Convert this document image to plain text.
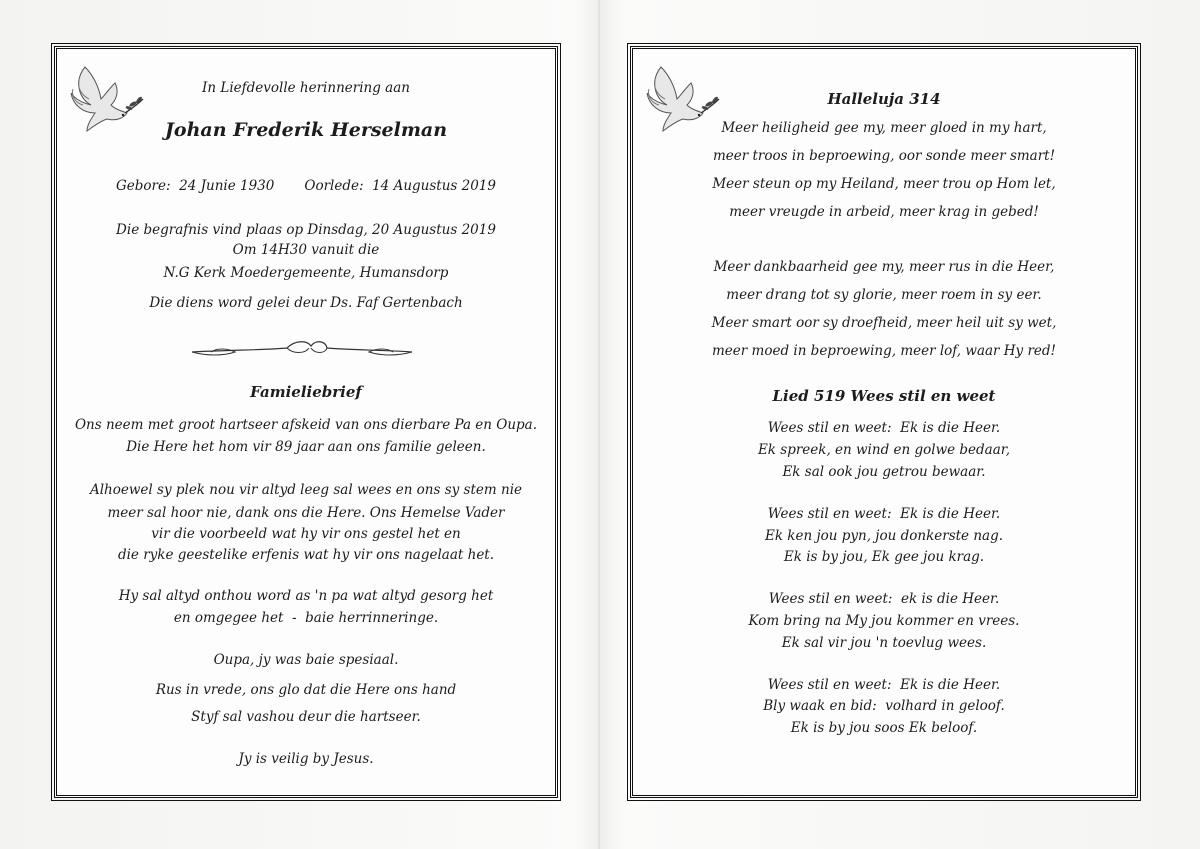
In Liefdevolle herinnering aan
Johan Frederik Herselman
Gebore:  24 Junie 1930       Oorlede:  14 Augustus 2019
Die begrafnis vind plaas op Dinsdag, 20 Augustus 2019
Om 14H30 vanuit die
N.G Kerk Moedergemeente, Humansdorp
Die diens word gelei deur Ds. Faf Gertenbach
Famieliebrief
Ons neem met groot hartseer afskeid van ons dierbare Pa en Oupa.
Die Here het hom vir 89 jaar aan ons familie geleen.
Alhoewel sy plek nou vir altyd leeg sal wees en ons sy stem nie
meer sal hoor nie, dank ons die Here. Ons Hemelse Vader
vir die voorbeeld wat hy vir ons gestel het en
die ryke geestelike erfenis wat hy vir ons nagelaat het.
Hy sal altyd onthou word as 'n pa wat altyd gesorg het
en omgegee het  -  baie herrinneringe.
Oupa, jy was baie spesiaal.
Rus in vrede, ons glo dat die Here ons hand
Styf sal vashou deur die hartseer.
Jy is veilig by Jesus.
Halleluja 314
Meer heiligheid gee my, meer gloed in my hart,
meer troos in beproewing, oor sonde meer smart!
Meer steun op my Heiland, meer trou op Hom let,
meer vreugde in arbeid, meer krag in gebed!
Meer dankbaarheid gee my, meer rus in die Heer,
meer drang tot sy glorie, meer roem in sy eer.
Meer smart oor sy droefheid, meer heil uit sy wet,
meer moed in beproewing, meer lof, waar Hy red!
Lied 519 Wees stil en weet
Wees stil en weet:  Ek is die Heer.
Ek spreek, en wind en golwe bedaar,
Ek sal ook jou getrou bewaar.
Wees stil en weet:  Ek is die Heer.
Ek ken jou pyn, jou donkerste nag.
Ek is by jou, Ek gee jou krag.
Wees stil en weet:  ek is die Heer.
Kom bring na My jou kommer en vrees.
Ek sal vir jou 'n toevlug wees.
Wees stil en weet:  Ek is die Heer.
Bly waak en bid:  volhard in geloof.
Ek is by jou soos Ek beloof.
